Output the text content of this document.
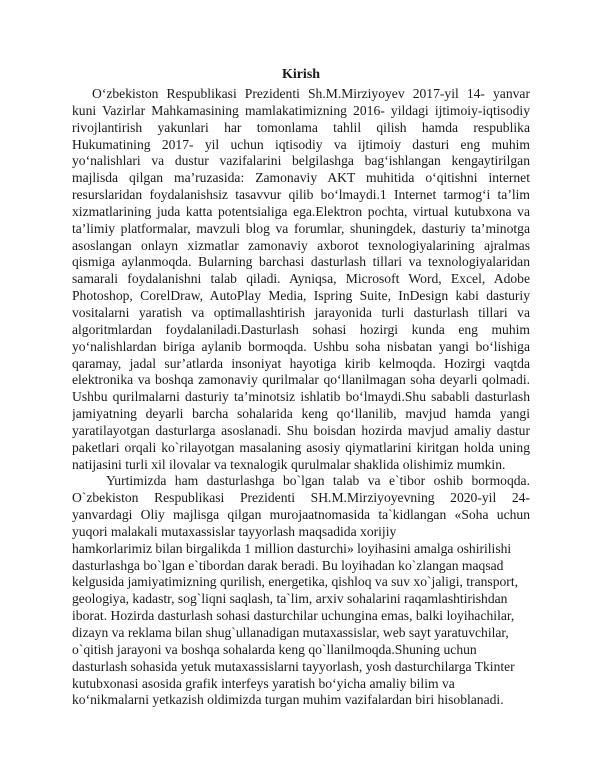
Kirish
O‘zbekiston Respublikasi Prezidenti Sh.M.Mirziyoyev 2017-yil 14- yanvar
kuni Vazirlar Mahkamasining mamlakatimizning 2016- yildagi ijtimoiy-iqtisodiy
rivojlantirish yakunlari har tomonlama tahlil qilish hamda respublika
Hukumatining 2017- yil uchun iqtisodiy va ijtimoiy dasturi eng muhim
yo‘nalishlari va dustur vazifalarini belgilashga bag‘ishlangan kengaytirilgan
majlisda qilgan ma’ruzasida: Zamonaviy AKT muhitida o‘qitishni internet
resurslaridan foydalanishsiz tasavvur qilib bo‘lmaydi.1 Internet tarmog‘i ta’lim
xizmatlarining juda katta potentsialiga ega.Elektron pochta, virtual kutubxona va
ta’limiy platformalar, mavzuli blog va forumlar, shuningdek, dasturiy ta’minotga
asoslangan onlayn xizmatlar zamonaviy axborot texnologiyalarining ajralmas
qismiga aylanmoqda. Bularning barchasi dasturlash tillari va texnologiyalaridan
samarali foydalanishni talab qiladi. Ayniqsa, Microsoft Word, Excel, Adobe
Photoshop, CorelDraw, AutoPlay Media, Ispring Suite, InDesign kabi dasturiy
vositalarni yaratish va optimallashtirish jarayonida turli dasturlash tillari va
algoritmlardan foydalaniladi.Dasturlash sohasi hozirgi kunda eng muhim
yo‘nalishlardan biriga aylanib bormoqda. Ushbu soha nisbatan yangi bo‘lishiga
qaramay, jadal sur’atlarda insoniyat hayotiga kirib kelmoqda. Hozirgi vaqtda
elektronika va boshqa zamonaviy qurilmalar qo‘llanilmagan soha deyarli qolmadi.
Ushbu qurilmalarni dasturiy ta’minotsiz ishlatib bo‘lmaydi.Shu sababli dasturlash
jamiyatning deyarli barcha sohalarida keng qo‘llanilib, mavjud hamda yangi
yaratilayotgan dasturlarga asoslanadi. Shu boisdan hozirda mavjud amaliy dastur
paketlari orqali ko`rilayotgan masalaning asosiy qiymatlarini kiritgan holda uning
natijasini turli xil ilovalar va texnalogik qurulmalar shaklida olishimiz mumkin.
Yurtimizda ham dasturlashga bo`lgan talab va e`tibor oshib bormoqda.
O`zbekiston Respublikasi Prezidenti SH.M.Mirziyoyevning 2020-yil 24-
yanvardagi Oliy majlisga qilgan murojaatnomasida ta`kidlangan «Soha uchun
yuqori malakali mutaxassislar tayyorlash maqsadida xorijiy
hamkorlarimiz bilan birgalikda 1 million dasturchi» loyihasini amalga oshirilishi
dasturlashga bo`lgan e`tibordan darak beradi. Bu loyihadan ko`zlangan maqsad
kelgusida jamiyatimizning qurilish, energetika, qishloq va suv xo`jaligi, transport,
geologiya, kadastr, sog`liqni saqlash, ta`lim, arxiv sohalarini raqamlashtirishdan
iborat. Hozirda dasturlash sohasi dasturchilar uchungina emas, balki loyihachilar,
dizayn va reklama bilan shug`ullanadigan mutaxassislar, web sayt yaratuvchilar,
o`qitish jarayoni va boshqa sohalarda keng qo`llanilmoqda.Shuning uchun
dasturlash sohasida yetuk mutaxassislarni tayyorlash, yosh dasturchilarga Tkinter
kutubxonasi asosida grafik interfeys yaratish bo‘yicha amaliy bilim va
ko‘nikmalarni yetkazish oldimizda turgan muhim vazifalardan biri hisoblanadi.
